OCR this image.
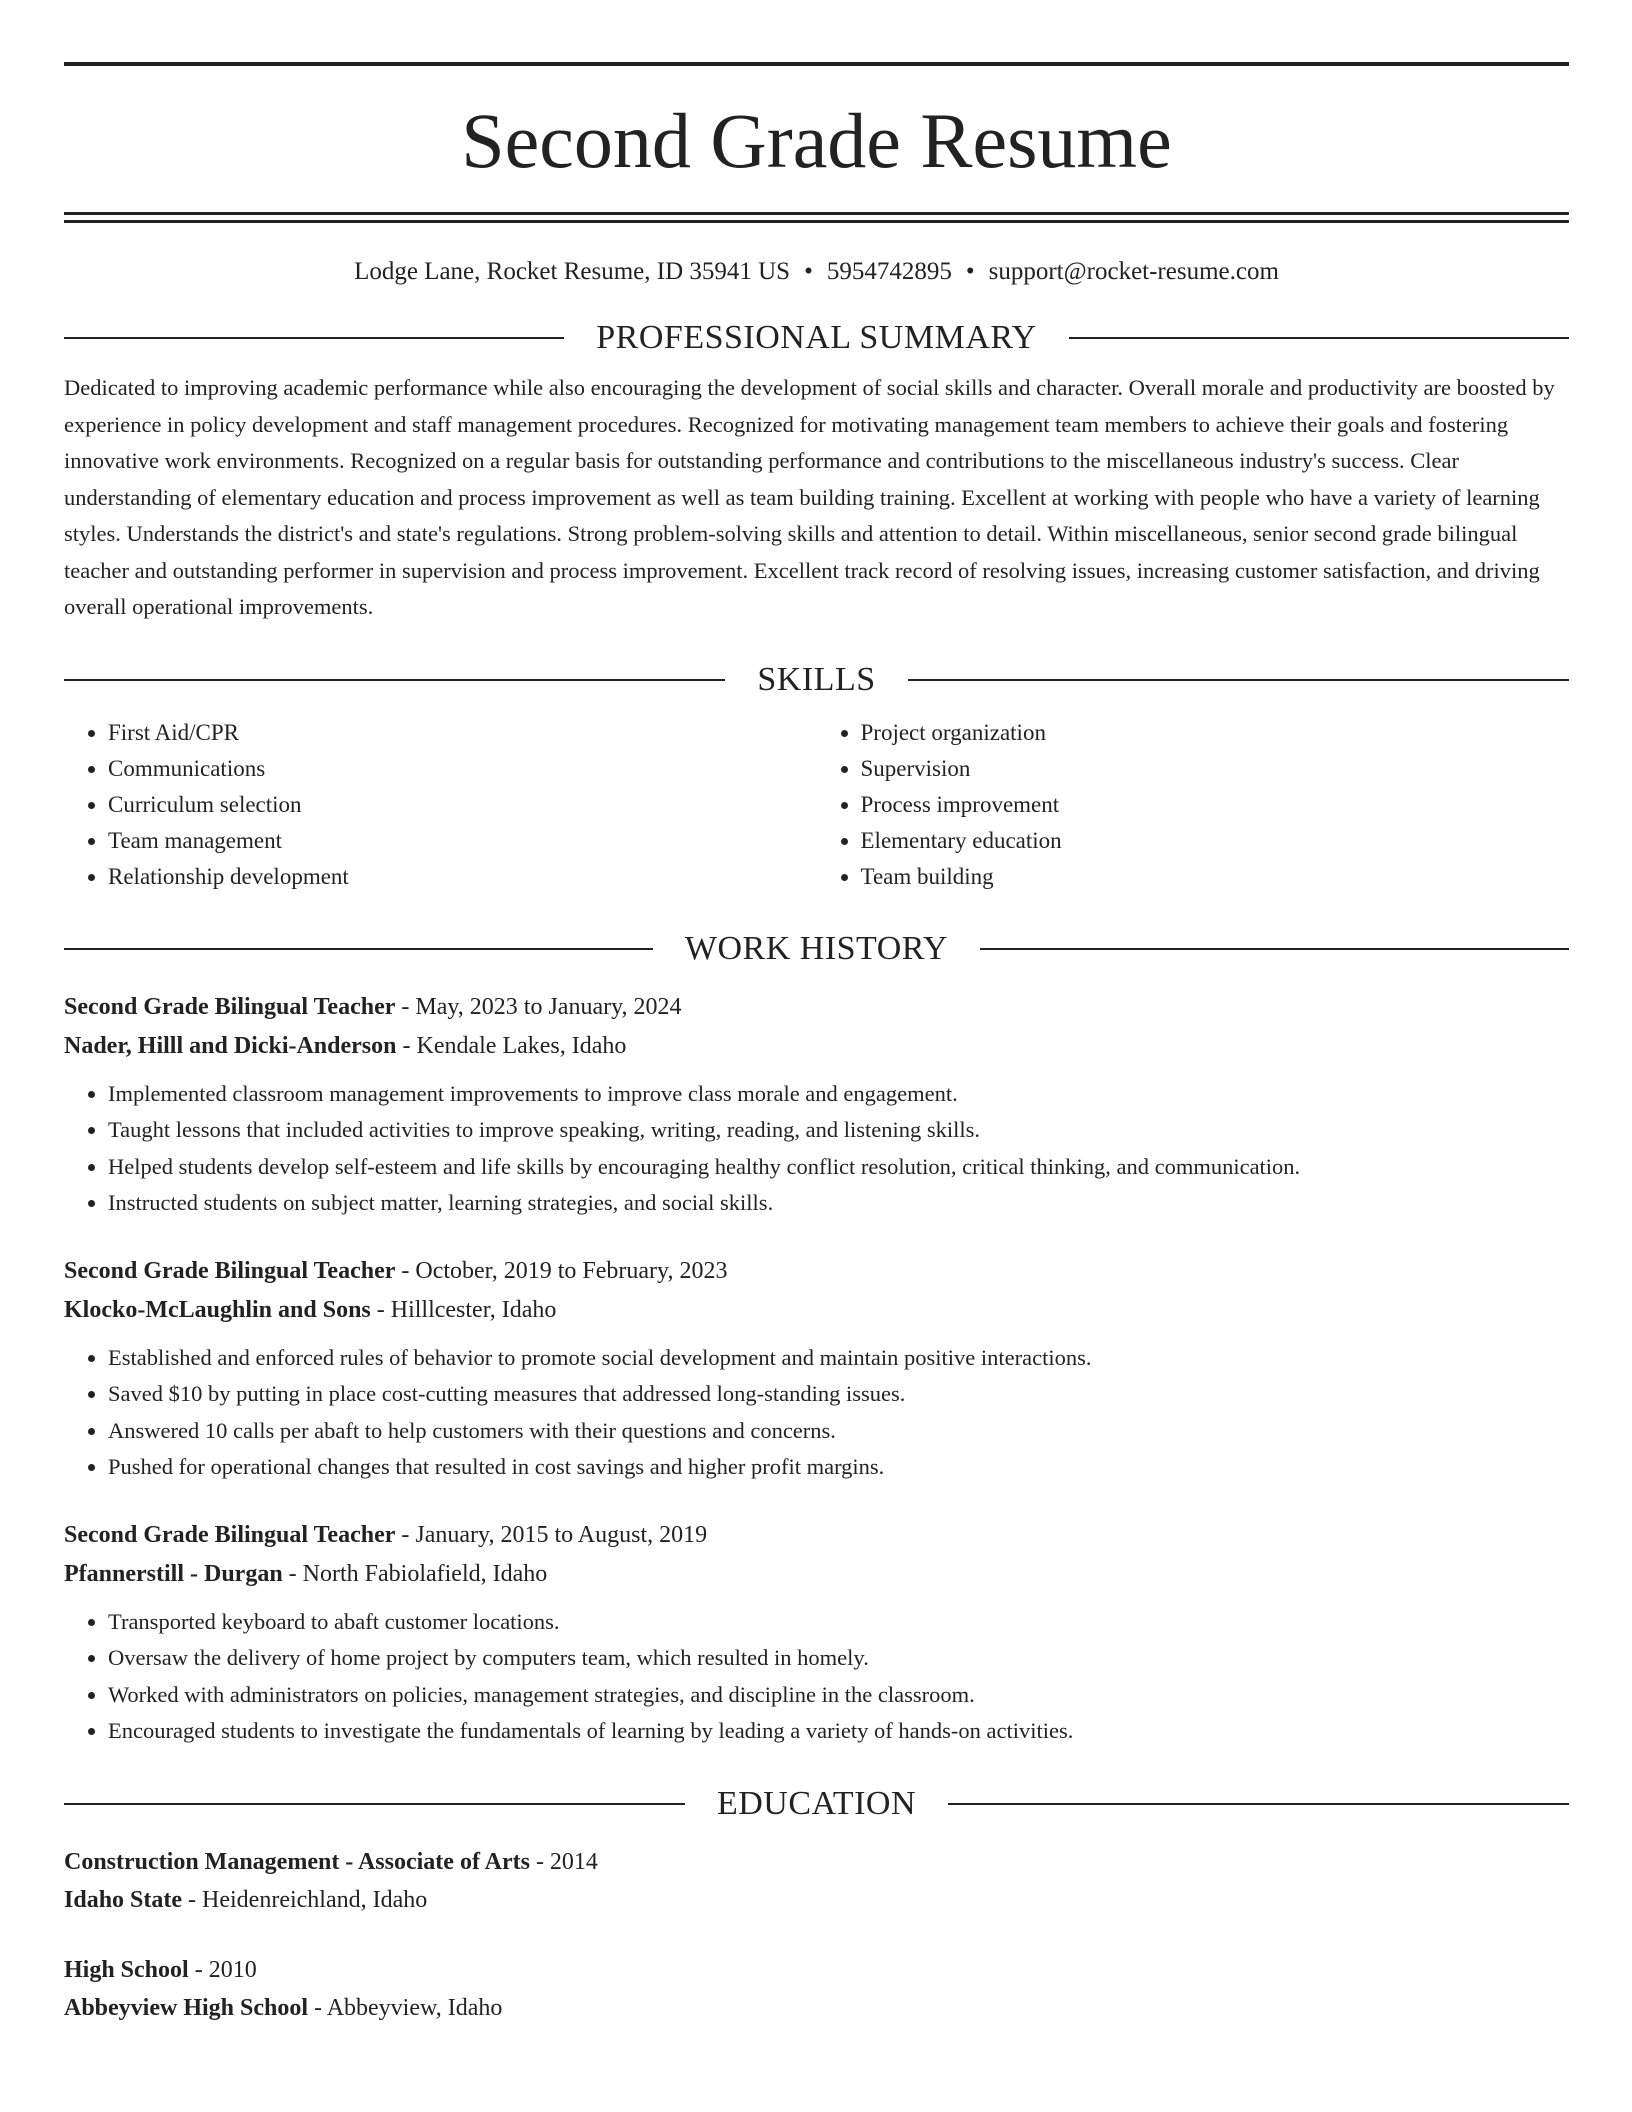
Second Grade Resume
Lodge Lane, Rocket Resume, ID 35941 US • 5954742895 • support@rocket-resume.com
PROFESSIONAL SUMMARY
Dedicated to improving academic performance while also encouraging the development of social skills and character. Overall morale and productivity are boosted by experience in policy development and staff management procedures. Recognized for motivating management team members to achieve their goals and fostering innovative work environments. Recognized on a regular basis for outstanding performance and contributions to the miscellaneous industry's success. Clear understanding of elementary education and process improvement as well as team building training. Excellent at working with people who have a variety of learning styles. Understands the district's and state's regulations. Strong problem-solving skills and attention to detail. Within miscellaneous, senior second grade bilingual teacher and outstanding performer in supervision and process improvement. Excellent track record of resolving issues, increasing customer satisfaction, and driving overall operational improvements.
SKILLS
• First Aid/CPR
• Communications
• Curriculum selection
• Team management
• Relationship development
• Project organization
• Supervision
• Process improvement
• Elementary education
• Team building
WORK HISTORY
Second Grade Bilingual Teacher - May, 2023 to January, 2024
Nader, Hilll and Dicki-Anderson - Kendale Lakes, Idaho
• Implemented classroom management improvements to improve class morale and engagement.
• Taught lessons that included activities to improve speaking, writing, reading, and listening skills.
• Helped students develop self-esteem and life skills by encouraging healthy conflict resolution, critical thinking, and communication.
• Instructed students on subject matter, learning strategies, and social skills.
Second Grade Bilingual Teacher - October, 2019 to February, 2023
Klocko-McLaughlin and Sons - Hilllcester, Idaho
• Established and enforced rules of behavior to promote social development and maintain positive interactions.
• Saved $10 by putting in place cost-cutting measures that addressed long-standing issues.
• Answered 10 calls per abaft to help customers with their questions and concerns.
• Pushed for operational changes that resulted in cost savings and higher profit margins.
Second Grade Bilingual Teacher - January, 2015 to August, 2019
Pfannerstill - Durgan - North Fabiolafield, Idaho
• Transported keyboard to abaft customer locations.
• Oversaw the delivery of home project by computers team, which resulted in homely.
• Worked with administrators on policies, management strategies, and discipline in the classroom.
• Encouraged students to investigate the fundamentals of learning by leading a variety of hands-on activities.
EDUCATION
Construction Management - Associate of Arts - 2014
Idaho State - Heidenreichland, Idaho
High School - 2010
Abbeyview High School - Abbeyview, Idaho
